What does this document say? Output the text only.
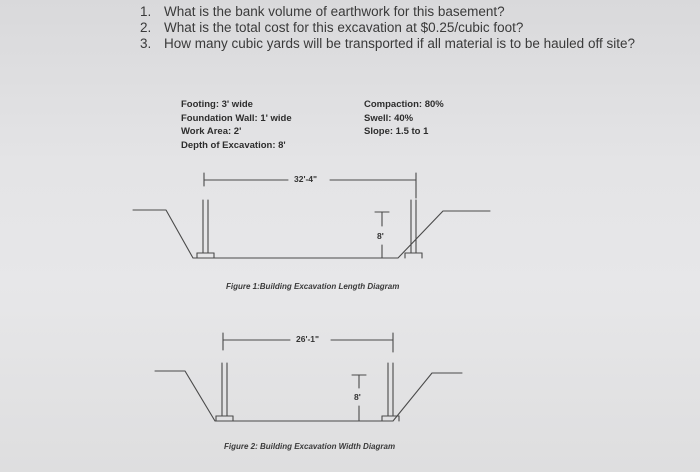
1. What is the bank volume of earthwork for this basement?
2. What is the total cost for this excavation at $0.25/cubic foot?
3. How many cubic yards will be transported if all material is to be hauled off site?
Footing: 3' wide
Foundation Wall: 1' wide
Work Area: 2'
Depth of Excavation: 8'
Compaction: 80%
Swell: 40%
Slope: 1.5 to 1
32'-4"
8'
Figure 1:Building Excavation Length Diagram
26'-1"
8'
Figure 2: Building Excavation Width Diagram
